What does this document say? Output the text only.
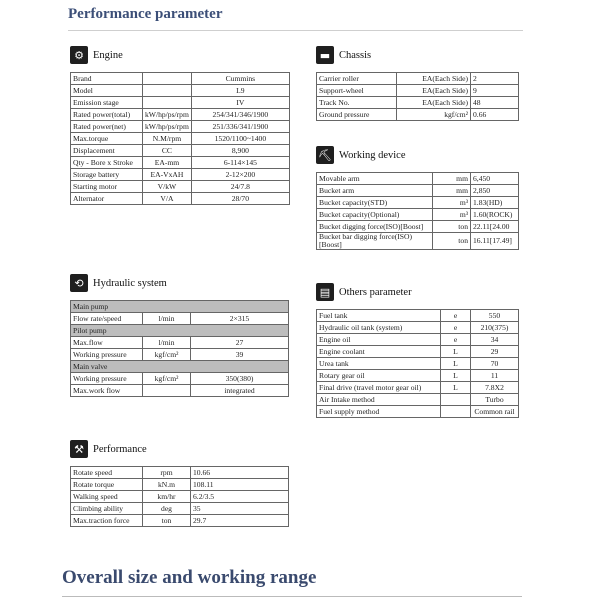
Performance parameter
⚙ Engine
Brand		Cummins
Model		L9
Emission stage		IV
Rated power(total)	kW/hp/ps/rpm	254/341/346/1900
Rated power(net)	kW/hp/ps/rpm	251/336/341/1900
Max.torque	N.M/rpm	1520/1100~1400
Displacement	CC	8,900
Qty - Bore x Stroke	EA-mm	6-114×145
Storage battery	EA-VxAH	2-12×200
Starting motor	V/kW	24/7.8
Alternator	V/A	28/70
⟲ Hydraulic system
Main pump		
Flow rate/speed	l/min	2×315
Pilot pump		
Max.flow	l/min	27
Working pressure	kgf/cm²	39
Main valve		
Working pressure	kgf/cm²	350(380)
Max.work flow		integrated
⚒ Performance
Rotate speed	rpm	10.66
Rotate torque	kN.m	108.11
Walking speed	km/hr	6.2/3.5
Climbing ability	deg	35
Max.traction force	ton	29.7
▬ Chassis
Carrier roller	EA(Each Side)	2
Support-wheel	EA(Each Side)	9
Track No.	EA(Each Side)	48
Ground pressure	kgf/cm²	0.66
⛏ Working device
Movable arm	mm	6,450
Bucket arm	mm	2,850
Bucket capacity(STD)	m³	1.83(HD)
Bucket capacity(Optional)	m³	1.60(ROCK)
Bucket digging force(ISO)[Boost]	ton	22.11[24.00
Bucket bar digging force(ISO)[Boost]	ton	16.11[17.49]
▤ Others parameter
Fuel tank	e	550
Hydraulic oil tank (system)	e	210(375)
Engine oil	e	34
Engine coolant	L	29
Urea tank	L	70
Rotary gear oil	L	11
Final drive (travel motor gear oil)	L	7.8X2
Air Intake method		Turbo
Fuel supply method		Common rail
Overall size and working range
